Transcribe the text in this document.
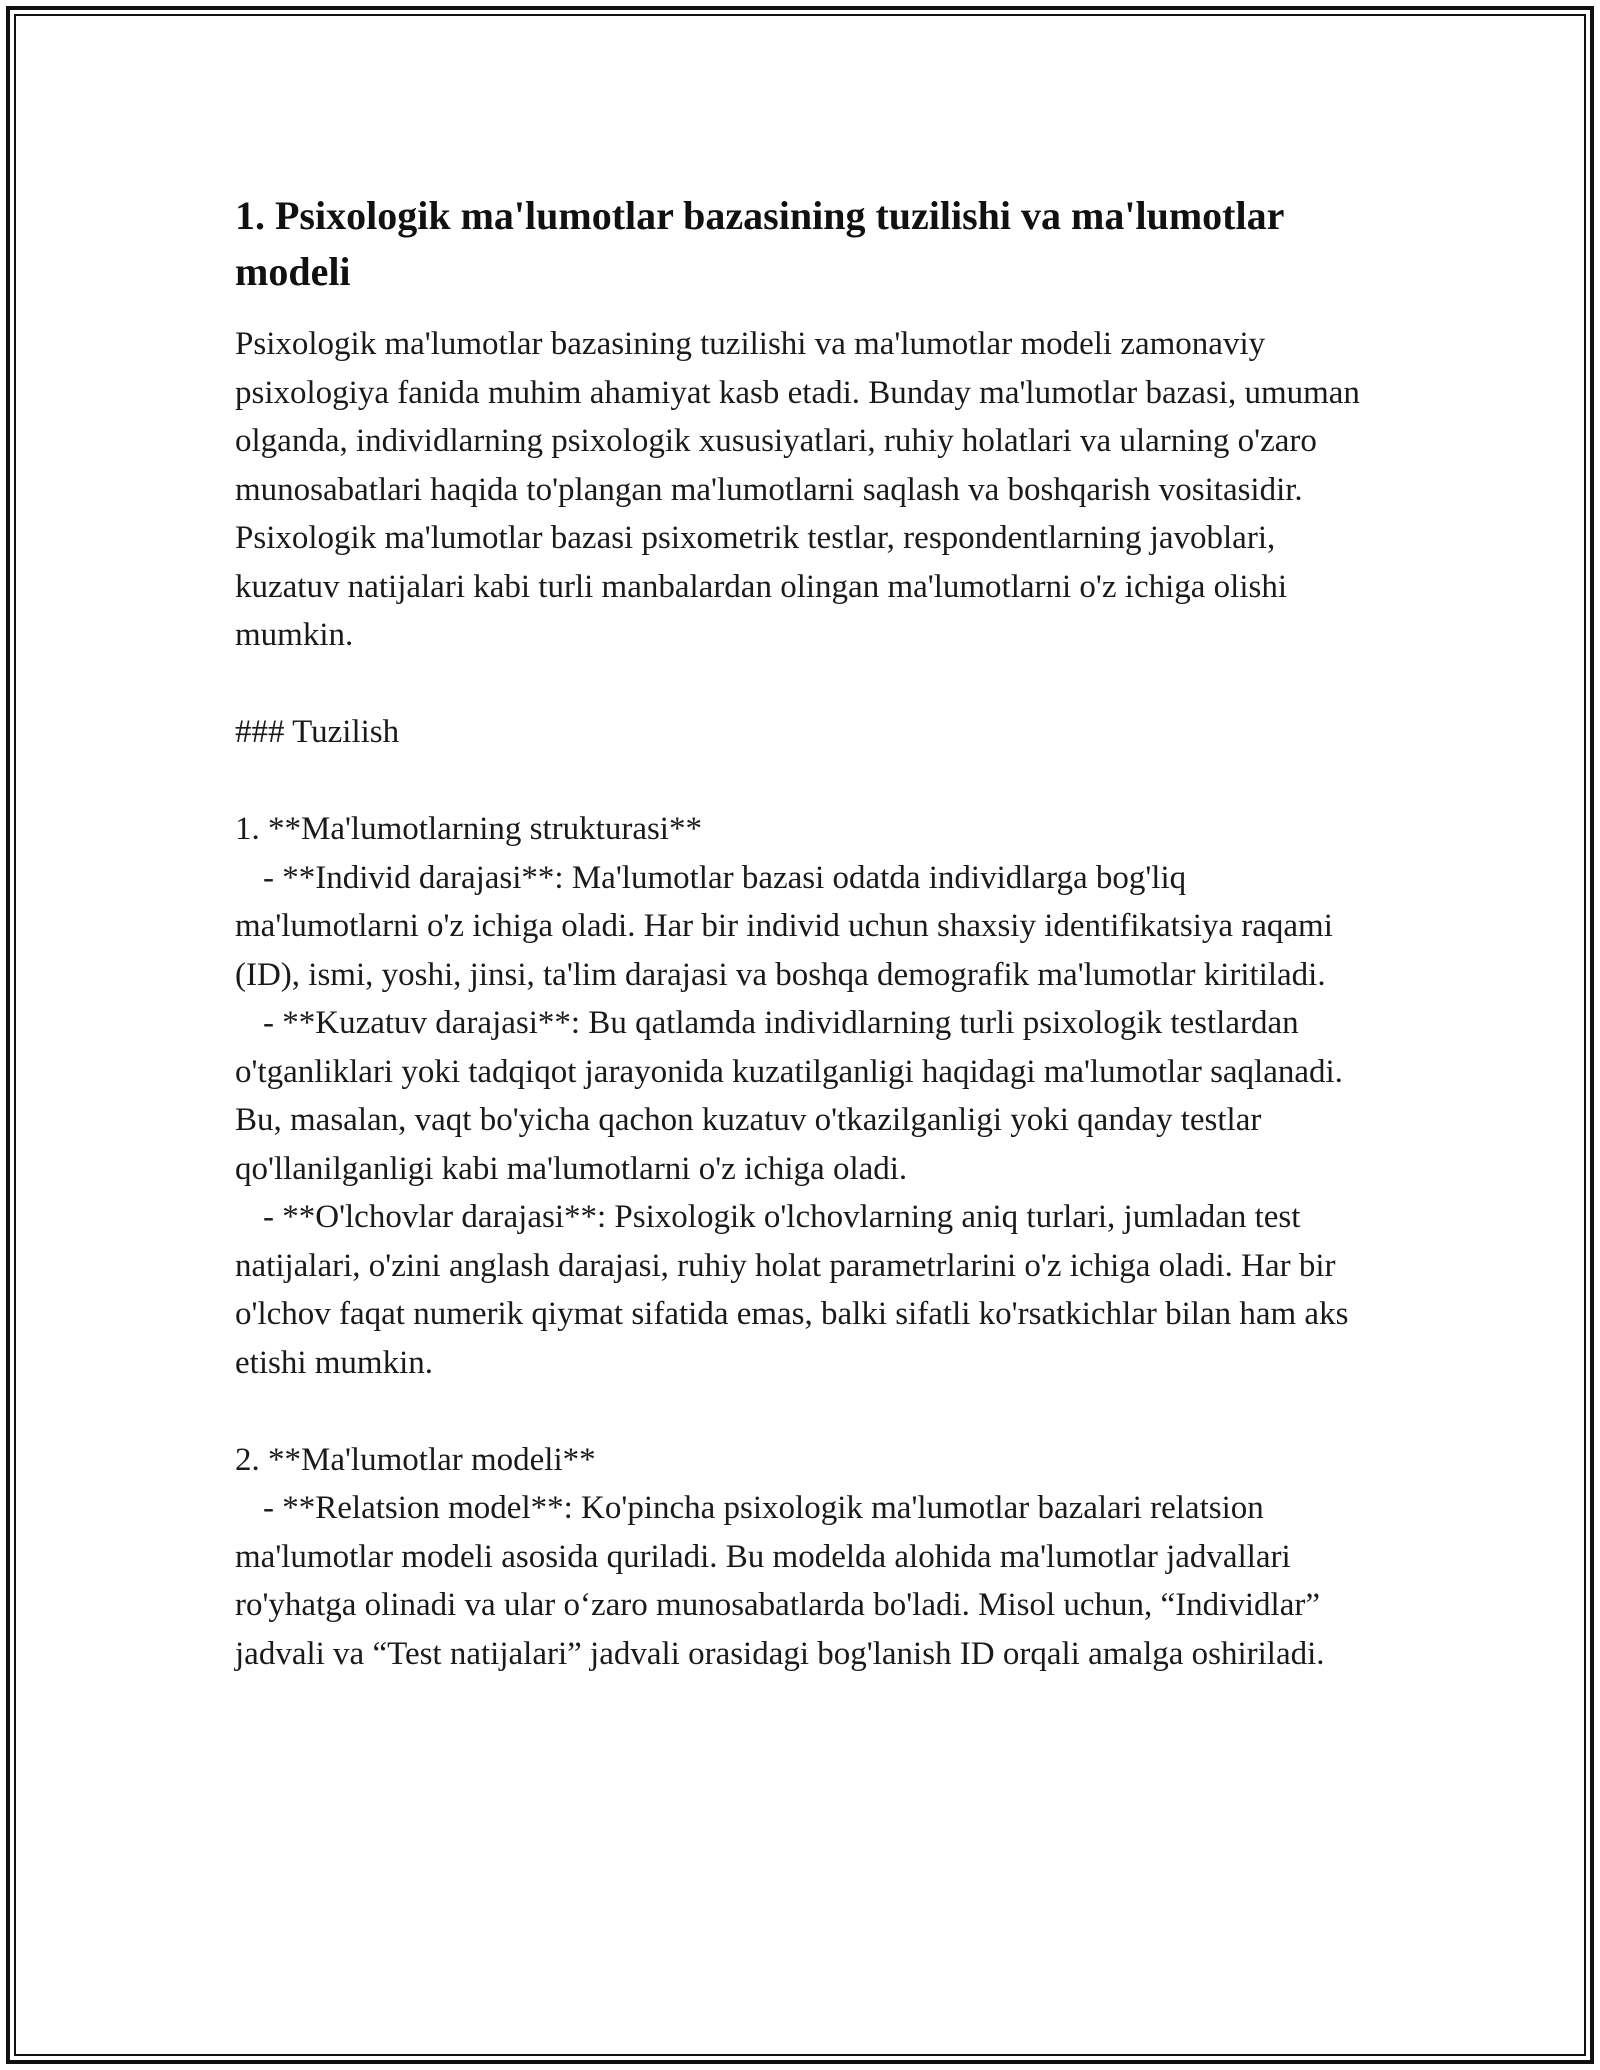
1. Psixologik ma'lumotlar bazasining tuzilishi va ma'lumotlar modeli

Psixologik ma'lumotlar bazasining tuzilishi va ma'lumotlar modeli zamonaviy psixologiya fanida muhim ahamiyat kasb etadi. Bunday ma'lumotlar bazasi, umuman olganda, individlarning psixologik xususiyatlari, ruhiy holatlari va ularning o'zaro munosabatlari haqida to'plangan ma'lumotlarni saqlash va boshqarish vositasidir. Psixologik ma'lumotlar bazasi psixometrik testlar, respondentlarning javoblari, kuzatuv natijalari kabi turli manbalardan olingan ma'lumotlarni o'z ichiga olishi mumkin.

### Tuzilish

1. **Ma'lumotlarning strukturasi**

- **Individ darajasi**: Ma'lumotlar bazasi odatda individlarga bog'liq ma'lumotlarni o'z ichiga oladi. Har bir individ uchun shaxsiy identifikatsiya raqami (ID), ismi, yoshi, jinsi, ta'lim darajasi va boshqa demografik ma'lumotlar kiritiladi.

- **Kuzatuv darajasi**: Bu qatlamda individlarning turli psixologik testlardan o'tganliklari yoki tadqiqot jarayonida kuzatilganligi haqidagi ma'lumotlar saqlanadi. Bu, masalan, vaqt bo'yicha qachon kuzatuv o'tkazilganligi yoki qanday testlar qo'llanilganligi kabi ma'lumotlarni o'z ichiga oladi.

- **O'lchovlar darajasi**: Psixologik o'lchovlarning aniq turlari, jumladan test natijalari, o'zini anglash darajasi, ruhiy holat parametrlarini o'z ichiga oladi. Har bir o'lchov faqat numerik qiymat sifatida emas, balki sifatli ko'rsatkichlar bilan ham aks etishi mumkin.

2. **Ma'lumotlar modeli**

- **Relatsion model**: Ko'pincha psixologik ma'lumotlar bazalari relatsion ma'lumotlar modeli asosida quriladi. Bu modelda alohida ma'lumotlar jadvallari ro'yhatga olinadi va ular o‘zaro munosabatlarda bo'ladi. Misol uchun, “Individlar” jadvali va “Test natijalari” jadvali orasidagi bog'lanish ID orqali amalga oshiriladi.
